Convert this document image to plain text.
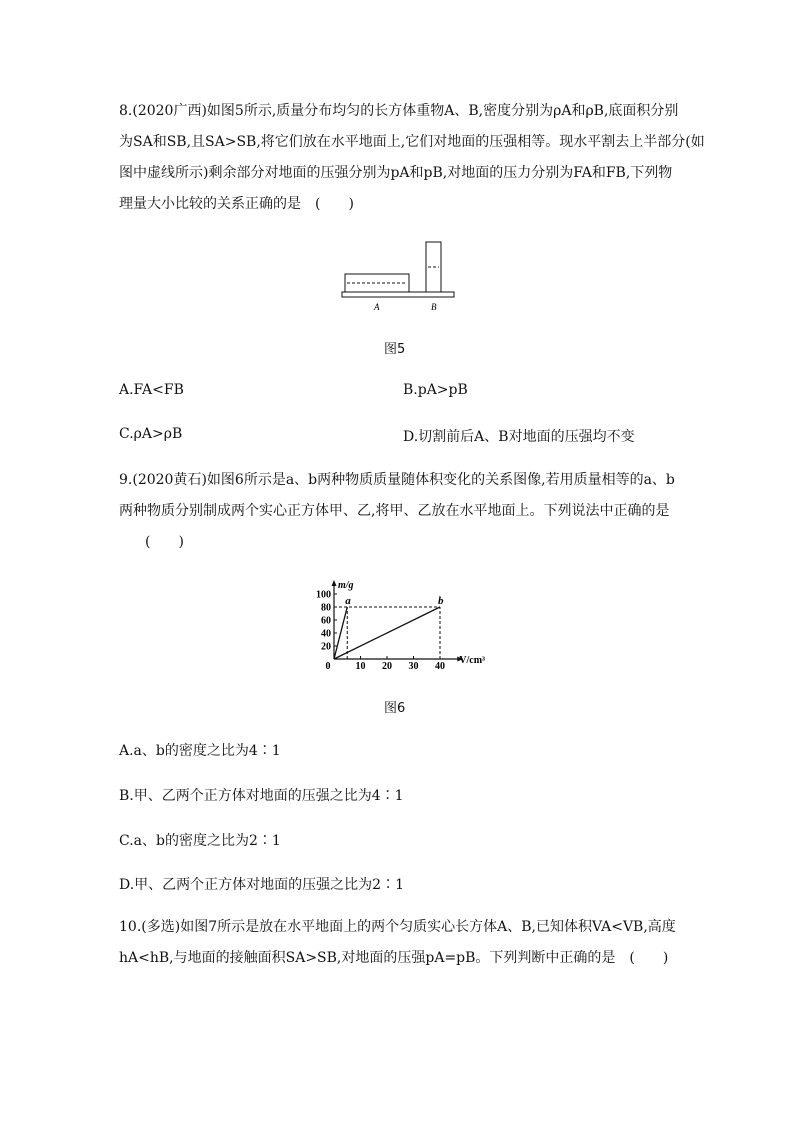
8.(2020广西)如图5所示,质量分布均匀的长方体重物A、B,密度分别为ρA和ρB,底面积分别
为SA和SB,且SA>SB,将它们放在水平地面上,它们对地面的压强相等。现水平割去上半部分(如
图中虚线所示)剩余部分对地面的压强分别为pA和pB,对地面的压力分别为FA和FB,下列物
理量大小比较的关系正确的是　(　　)
A	B
图5
A.FA<FB	B.pA>pB
C.ρA>ρB	D.切割前后A、B对地面的压强均不变
9.(2020黄石)如图6所示是a、b两种物质质量随体积变化的关系图像,若用质量相等的a、b
两种物质分别制成两个实心正方体甲、乙,将甲、乙放在水平地面上。下列说法中正确的是
(　　)
m/g
V/cm³
0	10 20 30 40
20
40
60
80
100 a	b
图6
A.a、b的密度之比为4∶1
B.甲、乙两个正方体对地面的压强之比为4∶1
C.a、b的密度之比为2∶1
D.甲、乙两个正方体对地面的压强之比为2∶1
10.(多选)如图7所示是放在水平地面上的两个匀质实心长方体A、B,已知体积VA<VB,高度
hA<hB,与地面的接触面积SA>SB,对地面的压强pA=pB。下列判断中正确的是　(　　)
